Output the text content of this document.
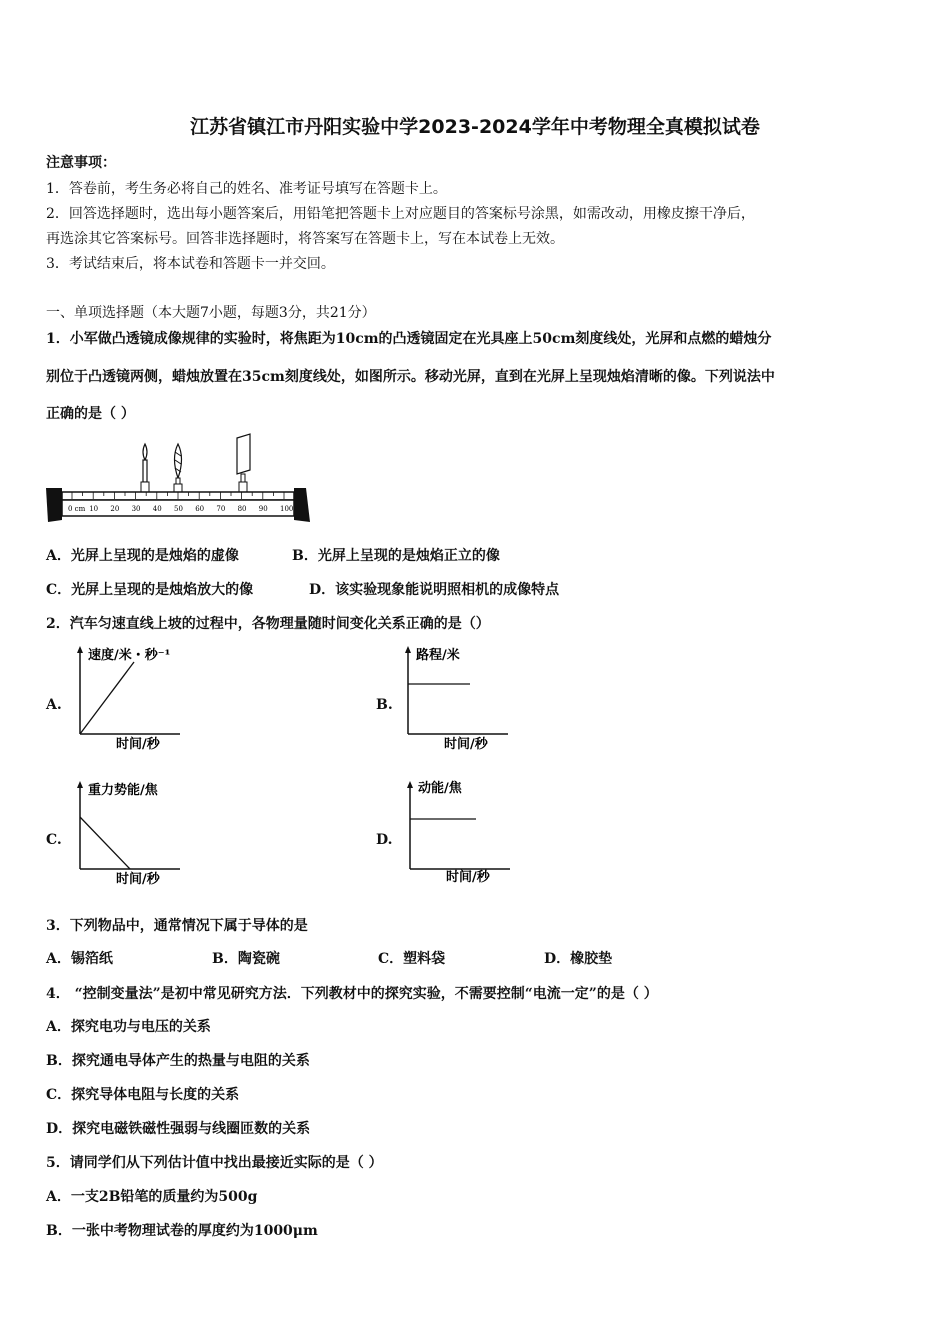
江苏省镇江市丹阳实验中学2023-2024学年中考物理全真模拟试卷
注意事项：
1．答卷前，考生务必将自己的姓名、准考证号填写在答题卡上。
2．回答选择题时，选出每小题答案后，用铅笔把答题卡上对应题目的答案标号涂黑，如需改动，用橡皮擦干净后，
再选涂其它答案标号。回答非选择题时，将答案写在答题卡上，写在本试卷上无效。
3．考试结束后，将本试卷和答题卡一并交回。
一、单项选择题（本大题7小题，每题3分，共21分）
1．小军做凸透镜成像规律的实验时，将焦距为10cm的凸透镜固定在光具座上50cm刻度线处，光屏和点燃的蜡烛分
别位于凸透镜两侧，蜡烛放置在35cm刻度线处，如图所示。移动光屏，直到在光屏上呈现烛焰清晰的像。下列说法中
正确的是（ ）
0 cm 10 20 30 40 50 60 70 80 90 100
A．光屏上呈现的是烛焰的虚像	B．光屏上呈现的是烛焰正立的像
C．光屏上呈现的是烛焰放大的像	D．该实验现象能说明照相机的成像特点
2．汽车匀速直线上坡的过程中，各物理量随时间变化关系正确的是（）
A.
速度/米・秒⁻¹
时间/秒
B.
路程/米
时间/秒
C.
重力势能/焦
时间/秒
D.
动能/焦
时间/秒
3．下列物品中，通常情况下属于导体的是
A．锡箔纸	B．陶瓷碗	C．塑料袋	D．橡胶垫
4． “控制变量法”是初中常见研究方法．下列教材中的探究实验，不需要控制“电流一定”的是（ ）
A．探究电功与电压的关系
B．探究通电导体产生的热量与电阻的关系
C．探究导体电阻与长度的关系
D．探究电磁铁磁性强弱与线圈匝数的关系
5．请同学们从下列估计值中找出最接近实际的是（ ）
A．一支2B铅笔的质量约为500g
B．一张中考物理试卷的厚度约为1000μm
